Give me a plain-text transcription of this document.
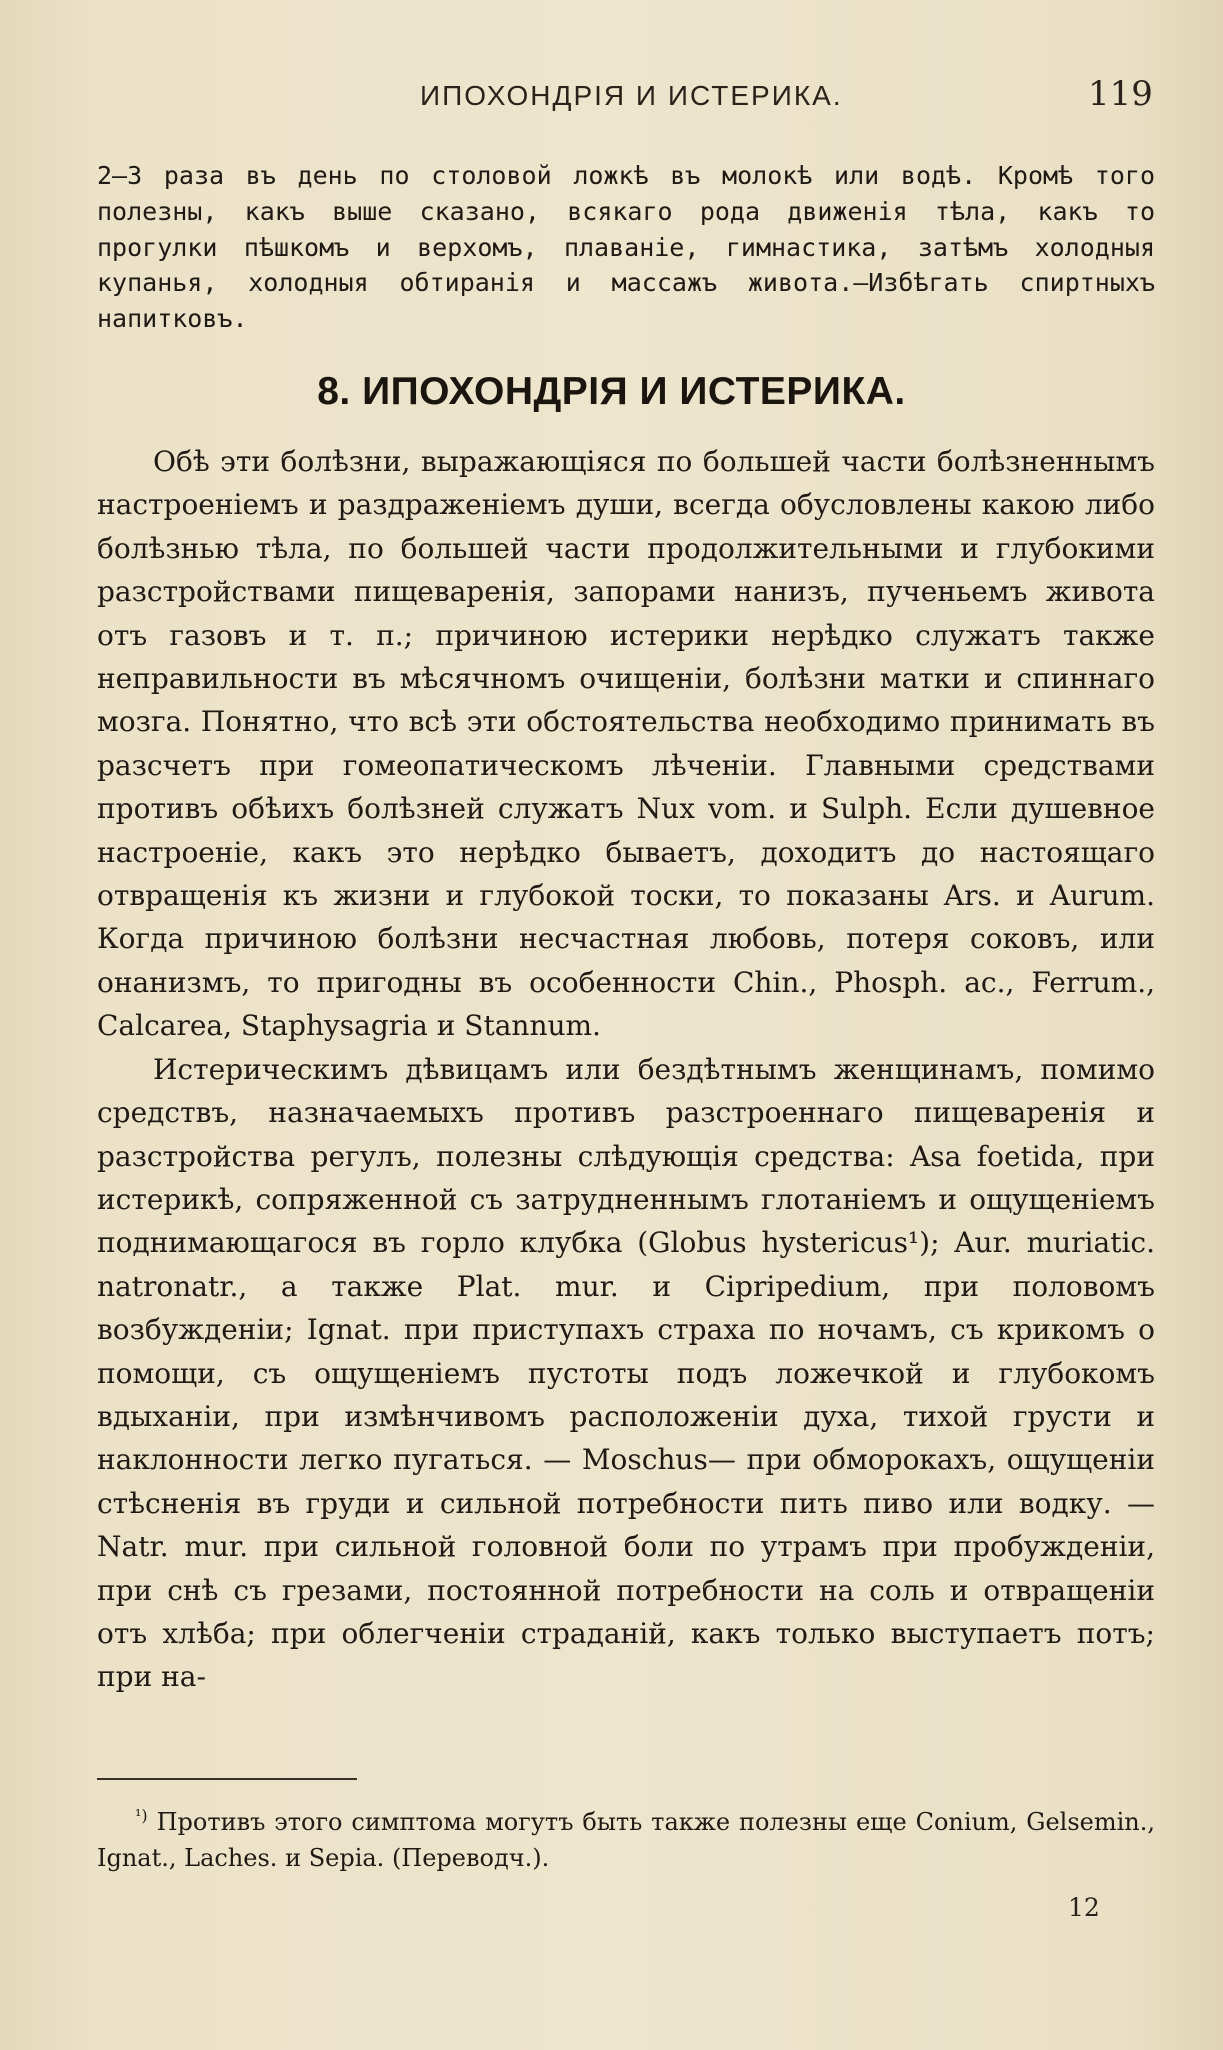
ИПОХОНДРІЯ И ИСТЕРИКА.	119

2—3 раза въ день по столовой ложкѣ въ молокѣ или водѣ. Кромѣ того полезны, какъ выше сказано, всякаго рода движенія тѣла, какъ то прогулки пѣшкомъ и верхомъ, плаваніе, гимнастика, затѣмъ холодныя купанья, холодныя обтиранія и массажъ живота.—Избѣгать спиртныхъ напитковъ.

8. ИПОХОНДРІЯ И ИСТЕРИКА.

Обѣ эти болѣзни, выражающіяся по большей части болѣзненнымъ настроеніемъ и раздраженіемъ души, всегда обусловлены какою либо болѣзнью тѣла, по большей части продолжительными и глубокими разстройствами пищеваренія, запорами нанизъ, пученьемъ живота отъ газовъ и т. п.; причиною истерики нерѣдко служатъ также неправильности въ мѣсячномъ очищеніи, болѣзни матки и спиннаго мозга. Понятно, что всѣ эти обстоятельства необходимо принимать въ разсчетъ при гомеопатическомъ лѣченіи. Главными средствами противъ обѣихъ болѣзней служатъ Nux vom. и Sulph. Если душевное настроеніе, какъ это нерѣдко бываетъ, доходитъ до настоящаго отвращенія къ жизни и глубокой тоски, то показаны Ars. и Aurum. Когда причиною болѣзни несчастная любовь, потеря соковъ, или онанизмъ, то пригодны въ особенности Chin., Phosph. ac., Ferrum., Calcarea, Staphysagria и Stannum.

Истерическимъ дѣвицамъ или бездѣтнымъ женщинамъ, помимо средствъ, назначаемыхъ противъ разстроеннаго пищеваренія и разстройства регулъ, полезны слѣдующія средства: Asa foetida, при истерикѣ, сопряженной съ затрудненнымъ глотаніемъ и ощущеніемъ поднимающагося въ горло клубка (Globus hystericus¹); Aur. muriatic. natronatr., а также Plat. mur. и Cipripedium, при половомъ возбужденіи; Ignat. при приступахъ страха по ночамъ, съ крикомъ о помощи, съ ощущеніемъ пустоты подъ ложечкой и глубокомъ вдыханіи, при измѣнчивомъ расположеніи духа, тихой грусти и наклонности легко пугаться. — Moschus— при обморокахъ, ощущеніи стѣсненія въ груди и сильной потребности пить пиво или водку. — Natr. mur. при сильной головной боли по утрамъ при пробужденіи, при снѣ съ грезами, постоянной потребности на соль и отвращеніи отъ хлѣба; при облегченіи страданій, какъ только выступаетъ потъ; при на-

$^{^1)}$ Противъ этого симптома могутъ быть также полезны еще Conium, Gelsemin., Ignat., Laches. и Sepia. (Переводч.).

12
